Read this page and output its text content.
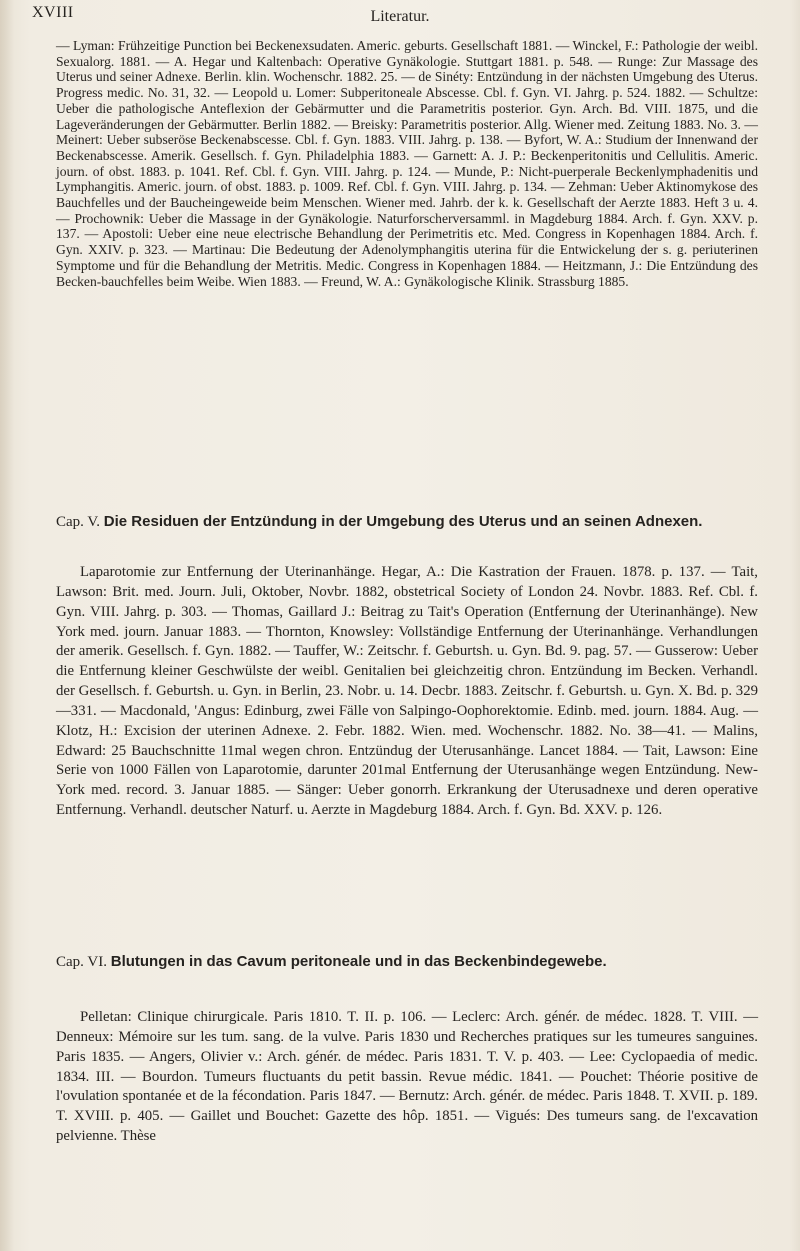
XVIII	Literatur.

— Lyman: Frühzeitige Punction bei Beckenexsudaten. Americ. geburts. Gesellschaft 1881. — Winckel, F.: Pathologie der weibl. Sexualorg. 1881. — A. Hegar und Kaltenbach: Operative Gynäkologie. Stuttgart 1881. p. 548. — Runge: Zur Massage des Uterus und seiner Adnexe. Berlin. klin. Wochenschr. 1882. 25. — de Sinéty: Entzündung in der nächsten Umgebung des Uterus. Progress medic. No. 31, 32. — Leopold u. Lomer: Subperitoneale Abscesse. Cbl. f. Gyn. VI. Jahrg. p. 524. 1882. — Schultze: Ueber die pathologische Anteflexion der Gebärmutter und die Parametritis posterior. Gyn. Arch. Bd. VIII. 1875, und die Lageveränderungen der Gebärmutter. Berlin 1882. — Breisky: Parametritis posterior. Allg. Wiener med. Zeitung 1883. No. 3. — Meinert: Ueber subseröse Beckenabscesse. Cbl. f. Gyn. 1883. VIII. Jahrg. p. 138. — Byfort, W. A.: Studium der Innenwand der Beckenabscesse. Amerik. Gesellsch. f. Gyn. Philadelphia 1883. — Garnett: A. J. P.: Beckenperitonitis und Cellulitis. Americ. journ. of obst. 1883. p. 1041. Ref. Cbl. f. Gyn. VIII. Jahrg. p. 124. — Munde, P.: Nicht-puerperale Beckenlymphadenitis und Lymphangitis. Americ. journ. of obst. 1883. p. 1009. Ref. Cbl. f. Gyn. VIII. Jahrg. p. 134. — Zehman: Ueber Aktinomykose des Bauchfelles und der Baucheingeweide beim Menschen. Wiener med. Jahrb. der k. k. Gesellschaft der Aerzte 1883. Heft 3 u. 4. — Prochownik: Ueber die Massage in der Gynäkologie. Naturforscherversamml. in Magdeburg 1884. Arch. f. Gyn. XXV. p. 137. — Apostoli: Ueber eine neue electrische Behandlung der Perimetritis etc. Med. Congress in Kopenhagen 1884. Arch. f. Gyn. XXIV. p. 323. — Martinau: Die Bedeutung der Adenolymphangitis uterina für die Entwickelung der s. g. periuterinen Symptome und für die Behandlung der Metritis. Medic. Congress in Kopenhagen 1884. — Heitzmann, J.: Die Entzündung des Becken-bauchfelles beim Weibe. Wien 1883. — Freund, W. A.: Gynäkologische Klinik. Strassburg 1885.

Cap. V. Die Residuen der Entzündung in der Umgebung des Uterus und an seinen Adnexen.

Laparotomie zur Entfernung der Uterinanhänge. Hegar, A.: Die Kastration der Frauen. 1878. p. 137. — Tait, Lawson: Brit. med. Journ. Juli, Oktober, Novbr. 1882, obstetrical Society of London 24. Novbr. 1883. Ref. Cbl. f. Gyn. VIII. Jahrg. p. 303. — Thomas, Gaillard J.: Beitrag zu Tait's Operation (Entfernung der Uterinanhänge). New York med. journ. Januar 1883. — Thornton, Knowsley: Vollständige Entfernung der Uterinanhänge. Verhandlungen der amerik. Gesellsch. f. Gyn. 1882. — Tauffer, W.: Zeitschr. f. Geburtsh. u. Gyn. Bd. 9. pag. 57. — Gusserow: Ueber die Entfernung kleiner Geschwülste der weibl. Genitalien bei gleichzeitig chron. Entzündung im Becken. Verhandl. der Gesellsch. f. Geburtsh. u. Gyn. in Berlin, 23. Nobr. u. 14. Decbr. 1883. Zeitschr. f. Geburtsh. u. Gyn. X. Bd. p. 329—331. — Macdonald, 'Angus: Edinburg, zwei Fälle von Salpingo-Oophorektomie. Edinb. med. journ. 1884. Aug. — Klotz, H.: Excision der uterinen Adnexe. 2. Febr. 1882. Wien. med. Wochenschr. 1882. No. 38—41. — Malins, Edward: 25 Bauchschnitte 11mal wegen chron. Entzündug der Uterusanhänge. Lancet 1884. — Tait, Lawson: Eine Serie von 1000 Fällen von Laparotomie, darunter 201mal Entfernung der Uterusanhänge wegen Entzündung. New-York med. record. 3. Januar 1885. — Sänger: Ueber gonorrh. Erkrankung der Uterusadnexe und deren operative Entfernung. Verhandl. deutscher Naturf. u. Aerzte in Magdeburg 1884. Arch. f. Gyn. Bd. XXV. p. 126.

Cap. VI. Blutungen in das Cavum peritoneale und in das Beckenbindegewebe.

Pelletan: Clinique chirurgicale. Paris 1810. T. II. p. 106. — Leclerc: Arch. génér. de médec. 1828. T. VIII. — Denneux: Mémoire sur les tum. sang. de la vulve. Paris 1830 und Recherches pratiques sur les tumeures sanguines. Paris 1835. — Angers, Olivier v.: Arch. génér. de médec. Paris 1831. T. V. p. 403. — Lee: Cyclopaedia of medic. 1834. III. — Bourdon. Tumeurs fluctuants du petit bassin. Revue médic. 1841. — Pouchet: Théorie positive de l'ovulation spontanée et de la fécondation. Paris 1847. — Bernutz: Arch. génér. de médec. Paris 1848. T. XVII. p. 189. T. XVIII. p. 405. — Gaillet und Bouchet: Gazette des hôp. 1851. — Vigués: Des tumeurs sang. de l'excavation pelvienne. Thèse
